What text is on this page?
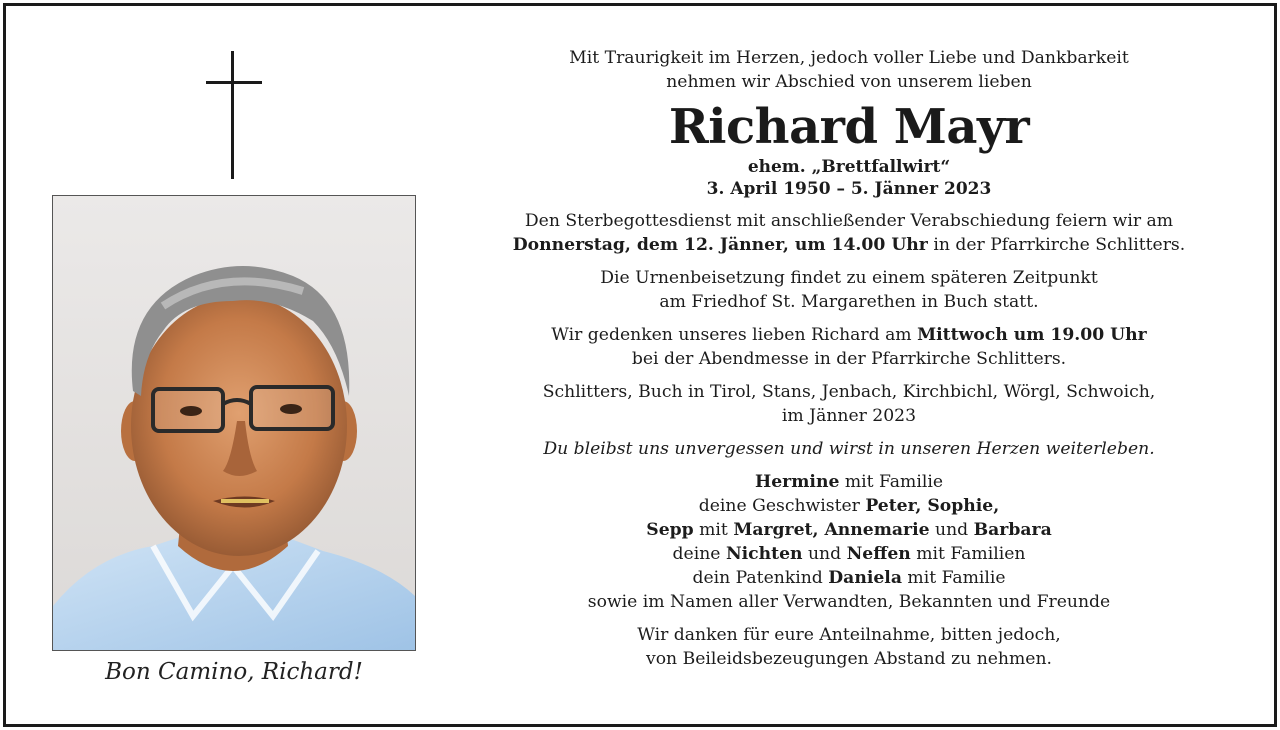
Bon Camino, Richard!

Mit Traurigkeit im Herzen, jedoch voller Liebe und Dankbarkeit

nehmen wir Abschied von unserem lieben

Richard Mayr

ehem. „Brettfallwirt“

3. April 1950 – 5. Jänner 2023

Den Sterbegottesdienst mit anschließender Verabschiedung feiern wir am

Donnerstag, dem 12. Jänner, um 14.00 Uhr in der Pfarrkirche Schlitters.

Die Urnenbeisetzung findet zu einem späteren Zeitpunkt

am Friedhof St. Margarethen in Buch statt.

Wir gedenken unseres lieben Richard am Mittwoch um 19.00 Uhr

bei der Abendmesse in der Pfarrkirche Schlitters.

Schlitters, Buch in Tirol, Stans, Jenbach, Kirchbichl, Wörgl, Schwoich,

im Jänner 2023

Du bleibst uns unvergessen und wirst in unseren Herzen weiterleben.

Hermine mit Familie

deine Geschwister Peter, Sophie,

Sepp mit Margret, Annemarie und Barbara

deine Nichten und Neffen mit Familien

dein Patenkind Daniela mit Familie

sowie im Namen aller Verwandten, Bekannten und Freunde

Wir danken für eure Anteilnahme, bitten jedoch,

von Beileidsbezeugungen Abstand zu nehmen.
